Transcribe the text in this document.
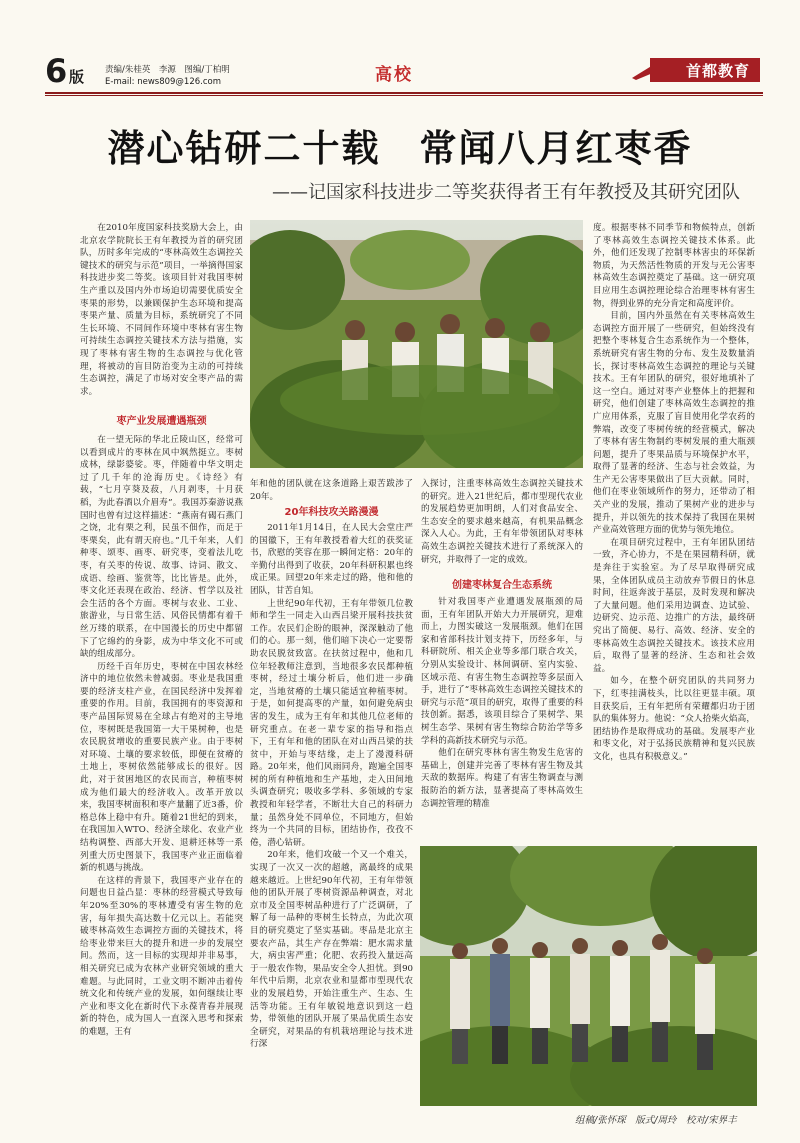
6 版 责编/朱桂英　李源　图编/丁柏明
E-mail: news809@126.com	高校	首都教育
潜心钻研二十载　常闻八月红枣香
——记国家科技进步二等奖获得者王有年教授及其研究团队

在2010年度国家科技奖励大会上，由北京农学院院长王有年教授为首的研究团队，历时多年完成的“枣林高效生态调控关键技术的研究与示范”项目，一举摘得国家科技进步奖二等奖。该项目针对我国枣树生产重以及国内外市场迫切需要优质安全枣果的形势，以兼顾保护生态环境和提高枣果产量、质量为目标，系统研究了不同生长环境、不同间作环境中枣林有害生物可持续生态调控关键技术方法与措施，实现了枣林有害生物的生态调控与优化管理，将被动的盲目防治变为主动的可持续生态调控，满足了市场对安全枣产品的需求。

枣产业发展遭遇瓶颈

在一望无际的华北丘陵山区，经常可以看到成片的枣林在风中飒然挺立。枣树成林，绿影婆娑。枣，伴随着中华文明走过了几千年的沧海历史。《诗经》有载，“七月亨葵及菽，八月剥枣，十月获稻，为此春酒以介眉寿”。我国苏秦游说燕国时也曾有过这样描述：“燕南有碣石燕门之饶，北有栗之利，民虽不佃作，而足于枣栗矣，此有谓天府也。”几千年来，人们种枣、颂枣、画枣、研究枣，变着法儿吃枣，有关枣的传说、故事、诗词、散文、成语、绘画、鉴赏等，比比皆是。此外，枣文化还表现在政治、经济、哲学以及社会生活的各个方面。枣树与农业、工业、旅游业，与日常生活、风俗民情都有着千丝万缕的联系，在中国漫长的历史中都留下了它绵约的身影，成为中华文化不可或缺的组成部分。

历经千百年历史，枣树在中国农林经济中的地位依然未曾减弱。枣业是我国重要的经济支柱产业，在国民经济中发挥着重要的作用。目前，我国拥有的枣资源和枣产品国际贸易在全球占有绝对的主导地位，枣树既是我国第一大干果树种，也是农民脱贫增收的重要民族产业。由于枣树对环境、土壤的要求较低，即便在贫瘠的土地上，枣树依然能够成长的很好。因此，对于贫困地区的农民而言，种植枣树成为他们最大的经济收入。改革开放以来，我国枣树面积和枣产量翻了近3番，价格总体上稳中有升。随着21世纪的到来，在我国加入WTO、经济全球化、农业产业结构调整、西部大开发、退耕还林等一系列重大历史图景下，我国枣产业正面临着新的机遇与挑战。

在这样的背景下，我国枣产业存在的问题也日益凸显：枣林的经营模式导致每年20%至30%的枣林遭受有害生物的危害，每年损失高达数十亿元以上。若能突破枣林高效生态调控方面的关键技术，将给枣业带来巨大的提升和进一步的发展空间。然而，这一目标的实现却并非易事，相关研究已成为农林产业研究领域的重大难题。与此同时，工业文明不断冲击着传统文化和传统产业的发展，如何继续让枣产业和枣文化在新时代下永葆青春并展现新的特色，成为国人一直深入思考和探索的难题，王有

年和他的团队就在这条道路上艰苦跋涉了20年。

20年科技攻关路漫漫

2011年1月14日，在人民大会堂庄严的国徽下，王有年教授看着大红的获奖证书，欣慰的笑容在那一瞬间定格：20年的辛勤付出得到了收获，20年科研积累也终成正果。回望20年来走过的路，他和他的团队，甘苦自知。

上世纪90年代初，王有年带领几位教师和学生一同走入山西吕梁开展科技扶贫工作。农民们企盼的眼神，深深触动了他们的心。那一刻，他们暗下决心一定要帮助农民脱贫致富。在扶贫过程中，他和几位年轻教师注意到，当地很多农民都种植枣树，经过土壤分析后，他们进一步确定，当地贫瘠的土壤只能适宜种植枣树。于是，如何提高枣的产量，如何避免病虫害的发生，成为王有年和其他几位老师的研究重点。在老一辈专家的指导和指点下，王有年和他的团队在对山西吕梁的扶贫中，开始与枣结缘，走上了漫漫科研路。20年来，他们风雨同舟，跑遍全国枣树的所有种植地和生产基地，走入田间地头调查研究；吸收多学科、多领域的专家教授和年轻学者，不断壮大自己的科研力量；虽然身处不同单位，不同地方，但始终为一个共同的目标，团结协作，孜孜不倦，潜心钻研。

20年来，他们攻破一个又一个难关，实现了一次又一次的超越，离最终的成果越来越近。上世纪90年代初，王有年带领他的团队开展了枣树资源品种调查，对北京市及全国枣树品种进行了广泛调研，了解了每一品种的枣树生长特点，为此次项目的研究奠定了坚实基础。枣品是北京主要农产品，其生产存在弊端：肥水需求量大，病虫害严重；化肥、农药投入量远高于一般农作物，果品安全令人担忧。到90年代中后期，北京农业和显都市型现代农业的发展趋势，开始注重生产、生态、生活等功能。王有年敏锐地意识到这一趋势，带领他的团队开展了果品优质生态安全研究，对果品的有机栽培理论与技术进行深

入探讨，注重枣林高效生态调控关键技术的研究。进入21世纪后，都市型现代农业的发展趋势更加明朗，人们对食品安全、生态安全的要求越来越高，有机果品概念深入人心。为此，王有年带领团队对枣林高效生态调控关键技术进行了系统深入的研究，并取得了一定的成效。

创建枣林复合生态系统

针对我国枣产业遭遇发展瓶颈的局面，王有年团队开始大力开展研究，迎难而上，力图实破这一发展瓶颈。他们在国家和省部科技计划支持下，历经多年，与科研院所、相关企业等多部门联合攻关，分别从实验设计、林间调研、室内实验、区域示范、有害生物生态调控等多层面入手，进行了“枣林高效生态调控关键技术的研究与示范”项目的研究，取得了重要的科技创新。据悉，该项目综合了果树学、果树生态学、果树有害生物综合防治学等多学科的高新技术研究与示范。

他们在研究枣林有害生物发生危害的基础上，创建并完善了枣林有害生物及其天敌的数据库。构建了有害生物调查与测报防治的新方法，显著提高了枣林高效生态调控管理的精准

度。根据枣林不同季节和物候特点，创新了枣林高效生态调控关键技术体系。此外，他们还发现了控制枣林害虫的环保新物质，为天然活性物质的开发与无公害枣林高效生态调控奠定了基础。这一研究项目应用生态调控理论综合治理枣林有害生物，得到业界的充分肯定和高度评价。

目前，国内外虽然在有关枣林高效生态调控方面开展了一些研究，但始终没有把整个枣林复合生态系统作为一个整体，系统研究有害生物的分布、发生及数量消长，探讨枣林高效生态调控的理论与关键技术。王有年团队的研究，很好地填补了这一空白。通过对枣产业整体上的把握和研究，他们创建了枣林高效生态调控的推广应用体系，克服了盲目使用化学农药的弊端，改变了枣树传统的经营模式，解决了枣林有害生物制约枣树发展的重大瓶颈问题，提升了枣果品质与环境保护水平，取得了显著的经济、生态与社会效益，为生产无公害枣果做出了巨大贡献。同时，他们在枣业领域所作的努力，还带动了相关产业的发展，推动了果树产业的进步与提升，并以领先的技术保持了我国在果树产业高效管理方面的优势与领先地位。

在项目研究过程中，王有年团队团结一致，齐心协力，不是在果园精科研，就是奔往于实验室。为了尽早取得研究成果，全体团队成员主动放弃节假日的休息时间，往返奔波于基层，及时发现和解决了大量问题。他们采用边调查、边试验、边研究、边示范、边推广的方法，最终研究出了简便、易行、高效、经济、安全的枣林高效生态调控关键技术。该技术应用后，取得了显著的经济、生态和社会效益。

如今，在整个研究团队的共同努力下，红枣挂满枝头，比以往更显丰硕。项目获奖后，王有年把所有荣耀都归功于团队的集体努力。他说：“众人拾柴火焰高，团结协作是取得成功的基础。发展枣产业和枣文化，对于弘扬民族精神和复兴民族文化，也具有积极意义。”

组稿/张怀琛　版式/周玲　校对/宋界丰
